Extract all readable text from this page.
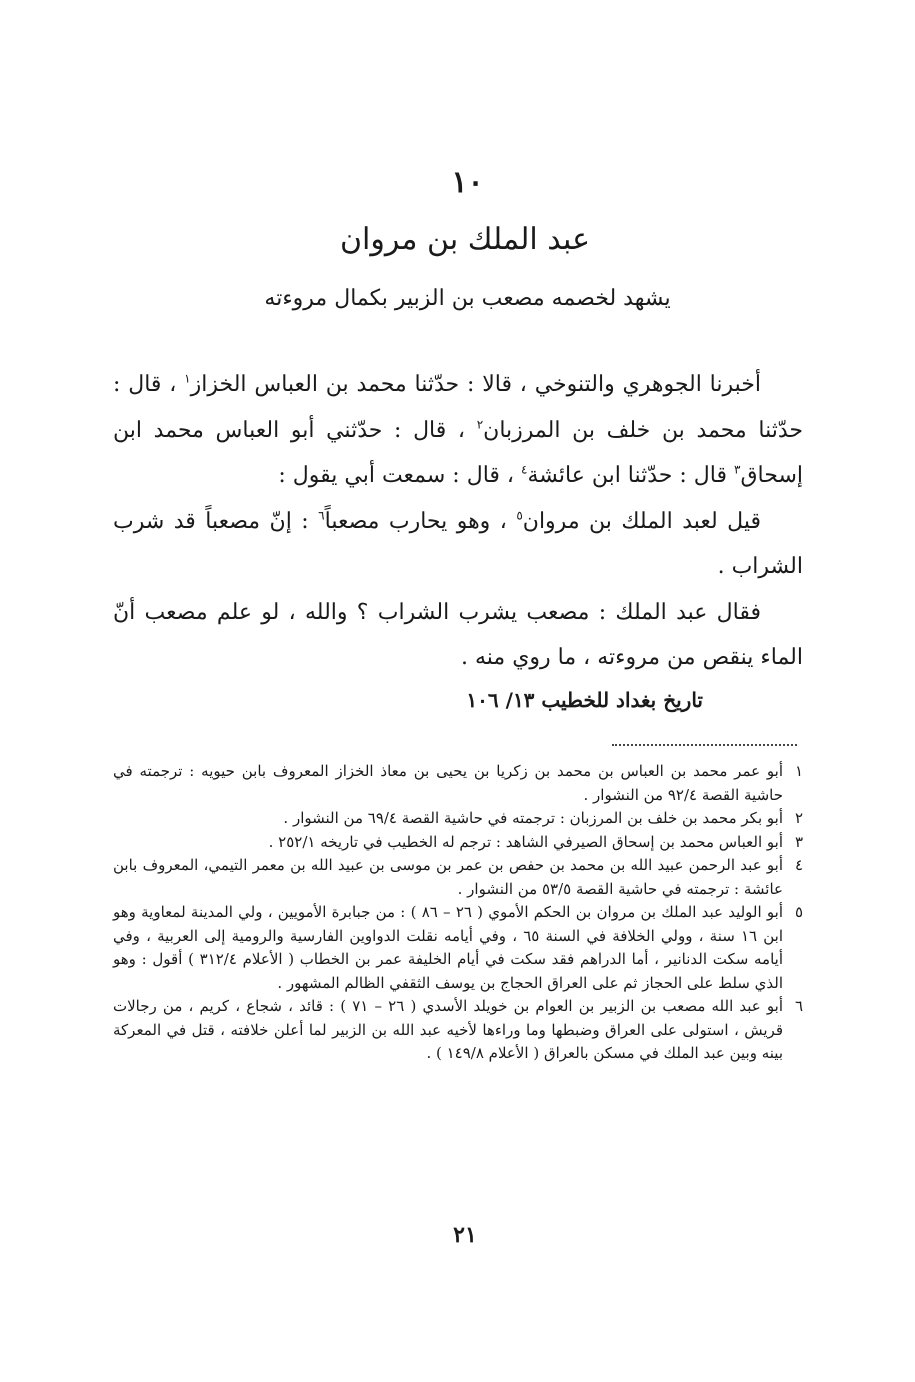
١٠
عبد الملك بن مروان
يشهد لخصمه مصعب بن الزبير بكمال مروءته

أخبرنا الجوهري والتنوخي ، قالا : حدّثنا محمد بن العباس الخزاز$^١$ ، قال : حدّثنا محمد بن خلف بن المرزبان$^٢$ ، قال : حدّثني أبو العباس محمد ابن إسحاق$^٣$ قال : حدّثنا ابن عائشة$^٤$ ، قال : سمعت أبي يقول :

قيل لعبد الملك بن مروان$^٥$ ، وهو يحارب مصعباً$^٦$ : إنّ مصعباً قد شرب الشراب .

فقال عبد الملك : مصعب يشرب الشراب ؟ والله ، لو علم مصعب أنّ الماء ينقص من مروءته ، ما روي منه .

تاريخ بغداد للخطيب ١٣/ ١٠٦
١
أبو عمر محمد بن العباس بن محمد بن زكريا بن يحيى بن معاذ الخزاز المعروف بابن حيويه : ترجمته في حاشية القصة ٩٢/٤ من النشوار .
٢
أبو بكر محمد بن خلف بن المرزبان : ترجمته في حاشية القصة ٦٩/٤ من النشوار .
٣
أبو العباس محمد بن إسحاق الصيرفي الشاهد : ترجم له الخطيب في تاريخه ٢٥٢/١ .
٤
أبو عبد الرحمن عبيد الله بن محمد بن حفص بن عمر بن موسى بن عبيد الله بن معمر التيمي، المعروف بابن عائشة : ترجمته في حاشية القصة ٥٣/٥ من النشوار .
٥
أبو الوليد عبد الملك بن مروان بن الحكم الأموي ( ٢٦ – ٨٦ ) : من جبابرة الأمويين ، ولي المدينة لمعاوية وهو ابن ١٦ سنة ، وولي الخلافة في السنة ٦٥ ، وفي أيامه نقلت الدواوين الفارسية والرومية إلى العربية ، وفي أيامه سكت الدنانير ، أما الدراهم فقد سكت في أيام الخليفة عمر بن الخطاب ( الأعلام ٣١٢/٤ ) أقول : وهو الذي سلط على الحجاز ثم على العراق الحجاج بن يوسف الثقفي الظالم المشهور .
٦
أبو عبد الله مصعب بن الزبير بن العوام بن خويلد الأسدي ( ٢٦ – ٧١ ) : قائد ، شجاع ، كريم ، من رجالات قريش ، استولى على العراق وضبطها وما وراءها لأخيه عبد الله بن الزبير لما أعلن خلافته ، قتل في المعركة بينه وبين عبد الملك في مسكن بالعراق ( الأعلام ١٤٩/٨ ) .
٢١
